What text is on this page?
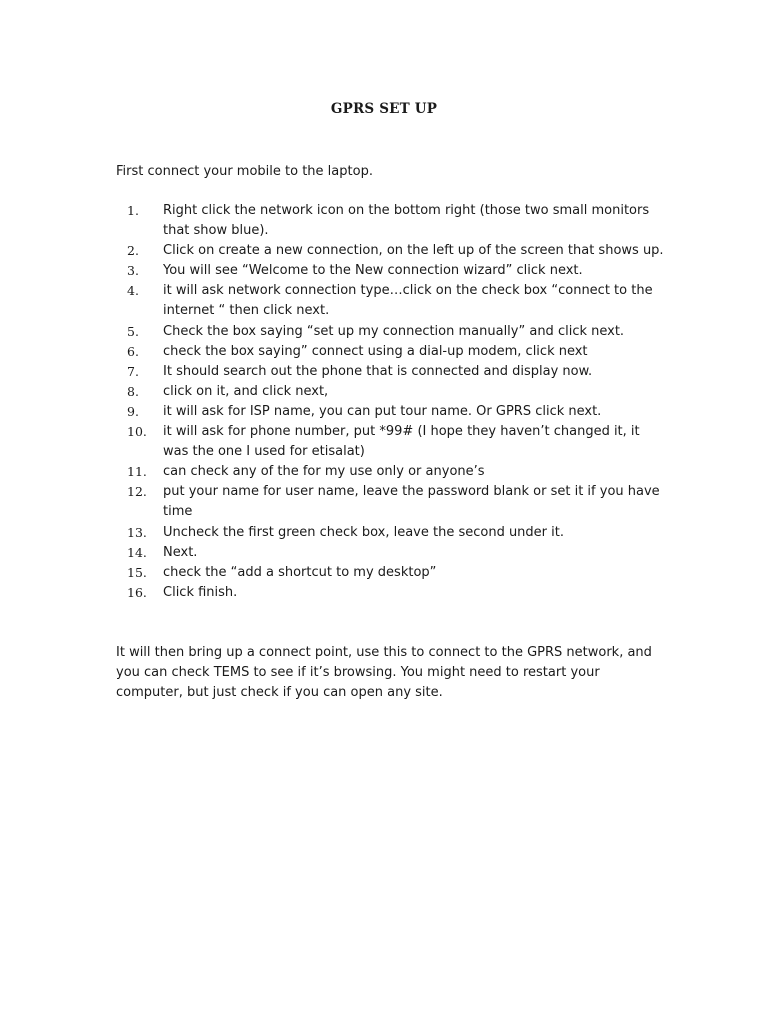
GPRS SET UP
First connect your mobile to the laptop.
1.	Right click the network icon on the bottom right (those two small monitors that show blue).
2.	Click on create a new connection, on the left up of the screen that shows up.
3.	You will see “Welcome to the New connection wizard” click next.
4.	it will ask network connection type…click on the check box “connect to the internet “ then click next.
5.	Check the box saying “set up my connection manually” and click next.
6.	check the box saying” connect using a dial-up modem, click next
7.	It should search out the phone that is connected and display now.
8.	click on it, and click next,
9.	it will ask for ISP name, you can put tour name. Or GPRS click next.
10.	it will ask for phone number, put *99# (I hope they haven’t changed it, it was the one I used for etisalat)
11.	can check any of the for my use only or anyone’s
12.	put your name for user name, leave the password blank or set it if you have time
13.	Uncheck the first green check box, leave the second under it.
14.	Next.
15.	check the “add a shortcut to my desktop”
16.	Click finish.
It will then bring up a connect point, use this to connect to the GPRS network, and you can check TEMS to see if it’s browsing. You might need to restart your computer, but just check if you can open any site.
